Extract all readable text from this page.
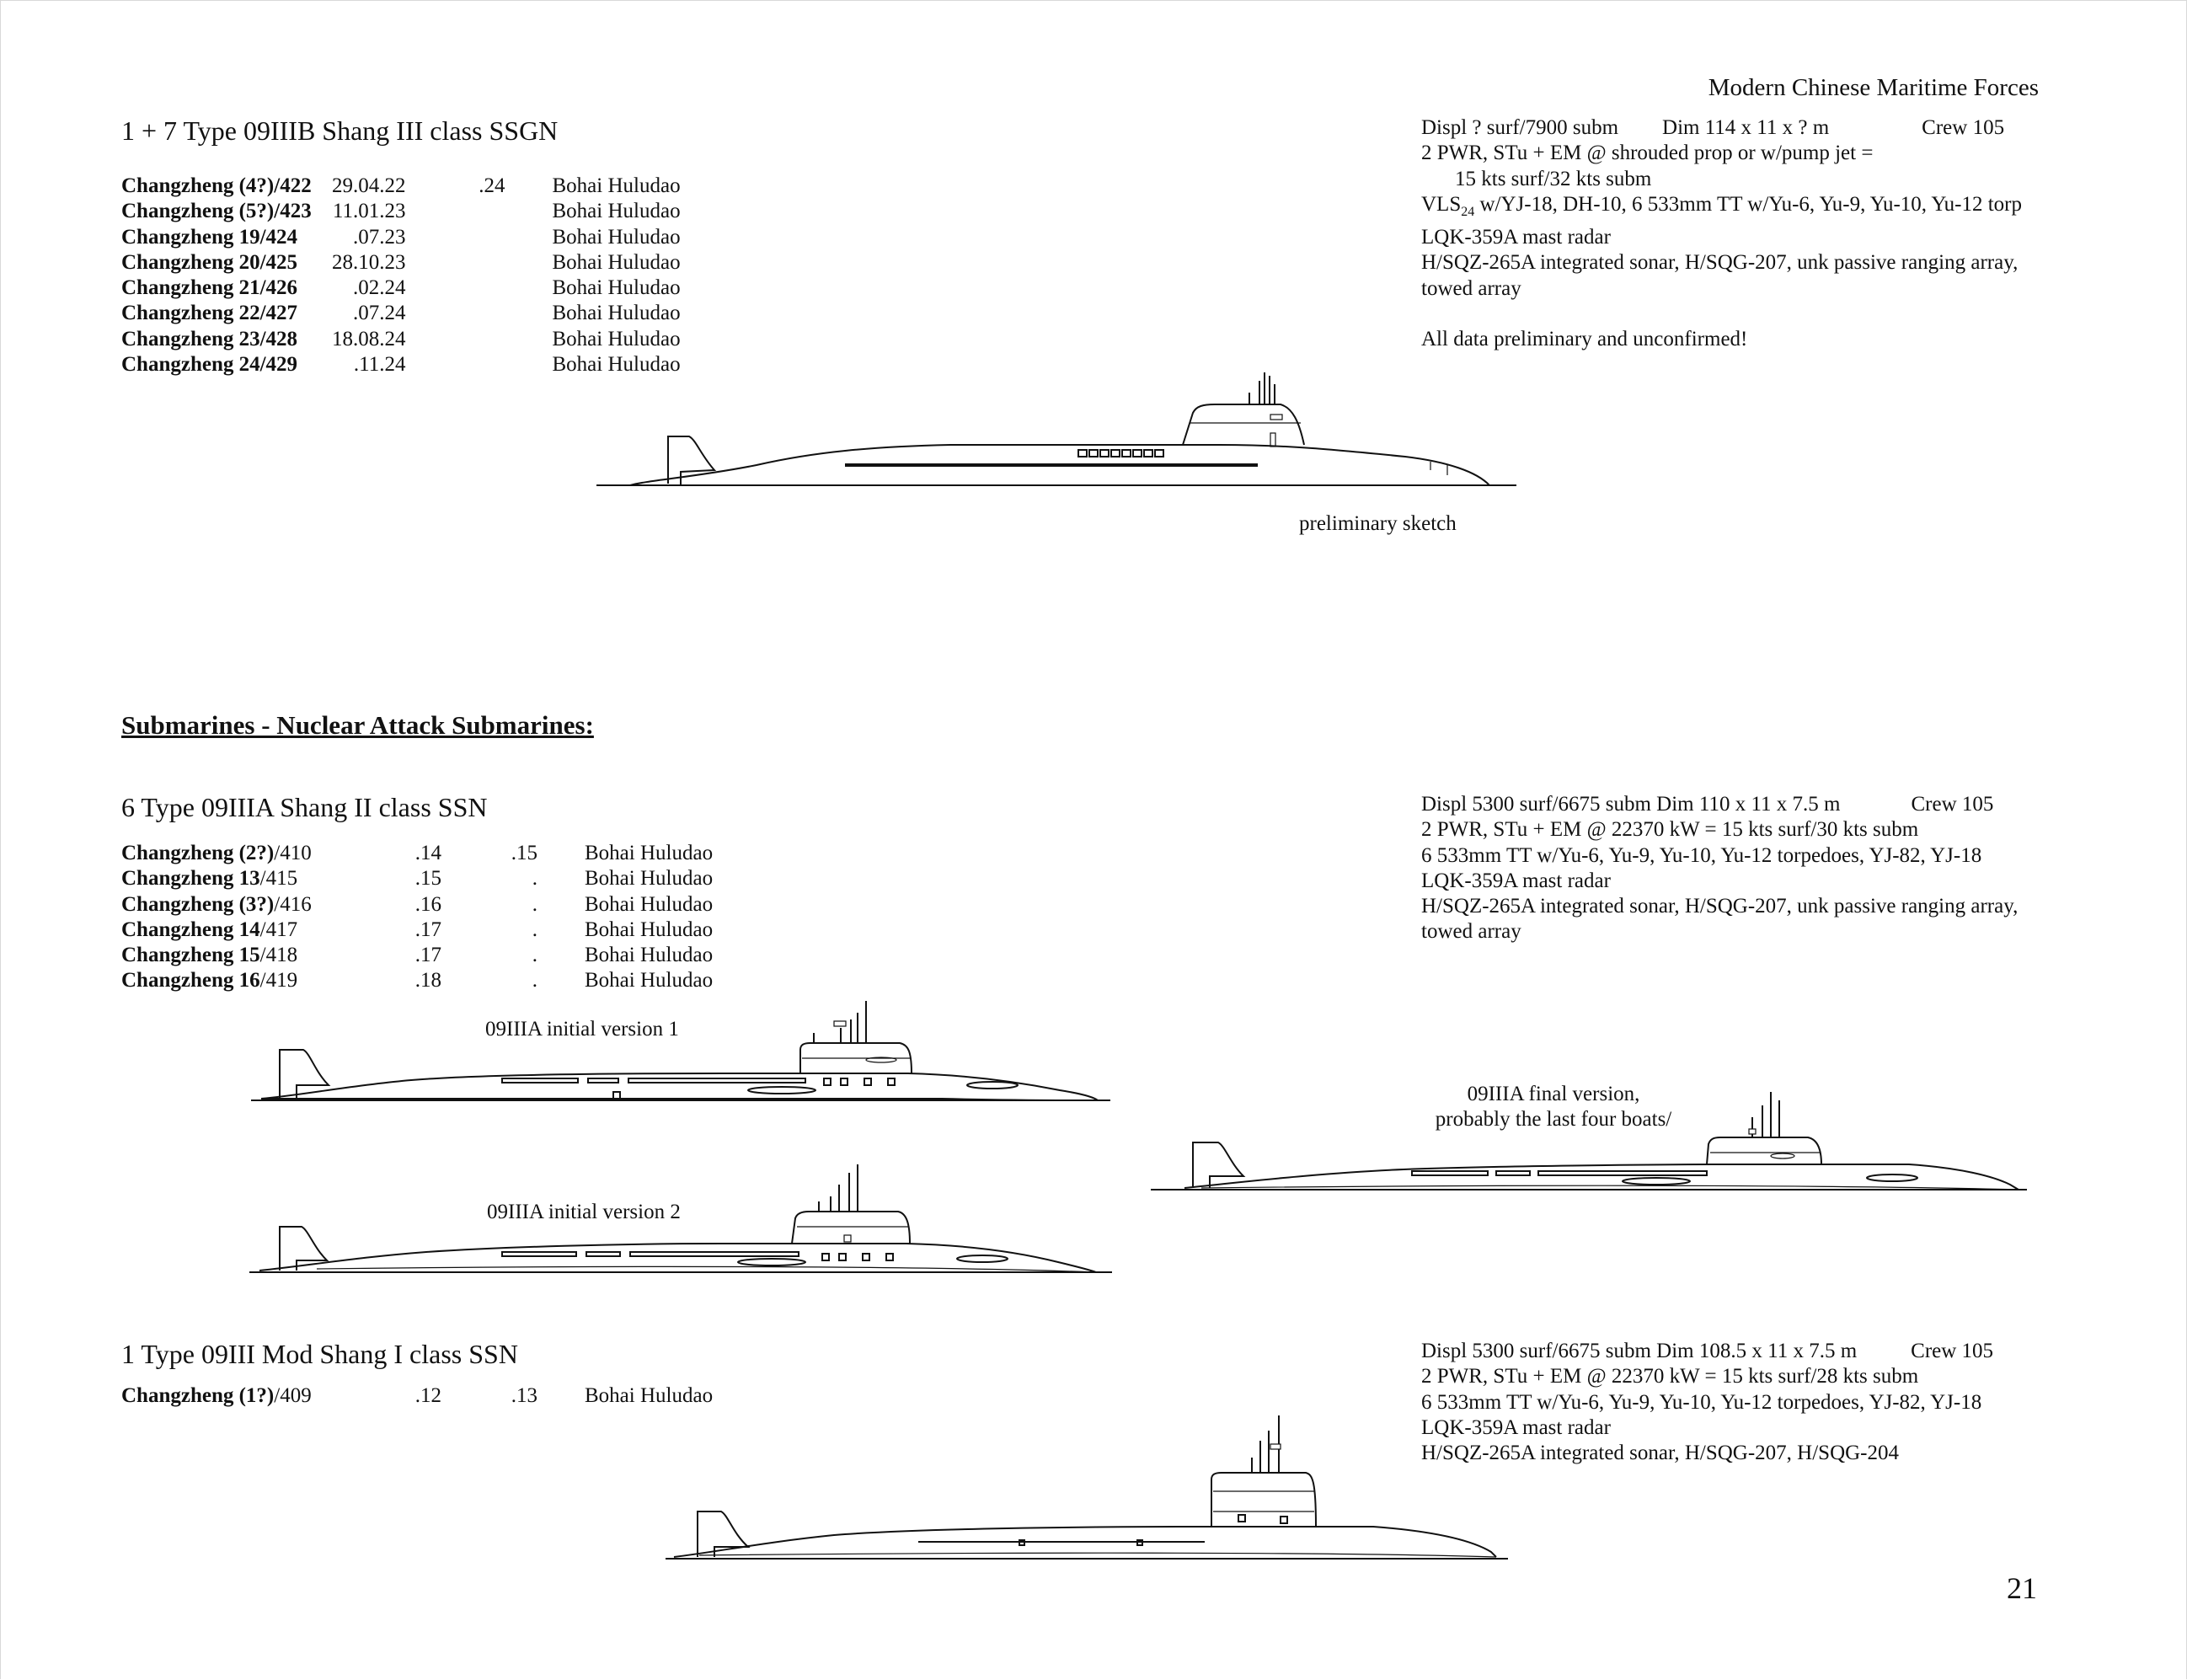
Modern Chinese Maritime Forces
1 + 7 Type 09IIIB Shang III class SSGN
Changzheng (4?)/422	29.04.22	.24	Bohai Huludao
Changzheng (5?)/423	11.01.23		Bohai Huludao
Changzheng 19/424	.07.23		Bohai Huludao
Changzheng 20/425	28.10.23		Bohai Huludao
Changzheng 21/426	.02.24		Bohai Huludao
Changzheng 22/427	.07.24		Bohai Huludao
Changzheng 23/428	18.08.24		Bohai Huludao
Changzheng 24/429	.11.24		Bohai Huludao
Displ ? surf/7900 subm Dim 114 x 11 x ? m	Crew 105
2 PWR, STu + EM @ shrouded prop or w/pump jet =
15 kts surf/32 kts subm
$VLS_{24}$ w/YJ-18, DH-10, 6 533mm TT w/Yu-6, Yu-9, Yu-10, Yu-12 torp
LQK-359A mast radar
H/SQZ-265A integrated sonar, H/SQG-207, unk passive ranging array,
towed array
All data preliminary and unconfirmed!
preliminary sketch
Submarines - Nuclear Attack Submarines:
6 Type 09IIIA Shang II class SSN
Changzheng (2?)/410	.14	.15	Bohai Huludao
Changzheng 13/415	.15	.	Bohai Huludao
Changzheng (3?)/416	.16	.	Bohai Huludao
Changzheng 14/417	.17	.	Bohai Huludao
Changzheng 15/418	.17	.	Bohai Huludao
Changzheng 16/419	.18	.	Bohai Huludao
Displ 5300 surf/6675 subm Dim 110 x 11 x 7.5 m	Crew 105
2 PWR, STu + EM @ 22370 kW = 15 kts surf/30 kts subm
6 533mm TT w/Yu-6, Yu-9, Yu-10, Yu-12 torpedoes, YJ-82, YJ-18
LQK-359A mast radar
H/SQZ-265A integrated sonar, H/SQG-207, unk passive ranging array,
towed array
09IIIA initial version 1
09IIIA initial version 2
09IIIA final version,
probably the last four boats/
1 Type 09III Mod Shang I class SSN
Changzheng (1?)/409	.12	.13	Bohai Huludao
Displ 5300 surf/6675 subm Dim 108.5 x 11 x 7.5 m	Crew 105
2 PWR, STu + EM @ 22370 kW = 15 kts surf/28 kts subm
6 533mm TT w/Yu-6, Yu-9, Yu-10, Yu-12 torpedoes, YJ-82, YJ-18
LQK-359A mast radar
H/SQZ-265A integrated sonar, H/SQG-207, H/SQG-204
21
